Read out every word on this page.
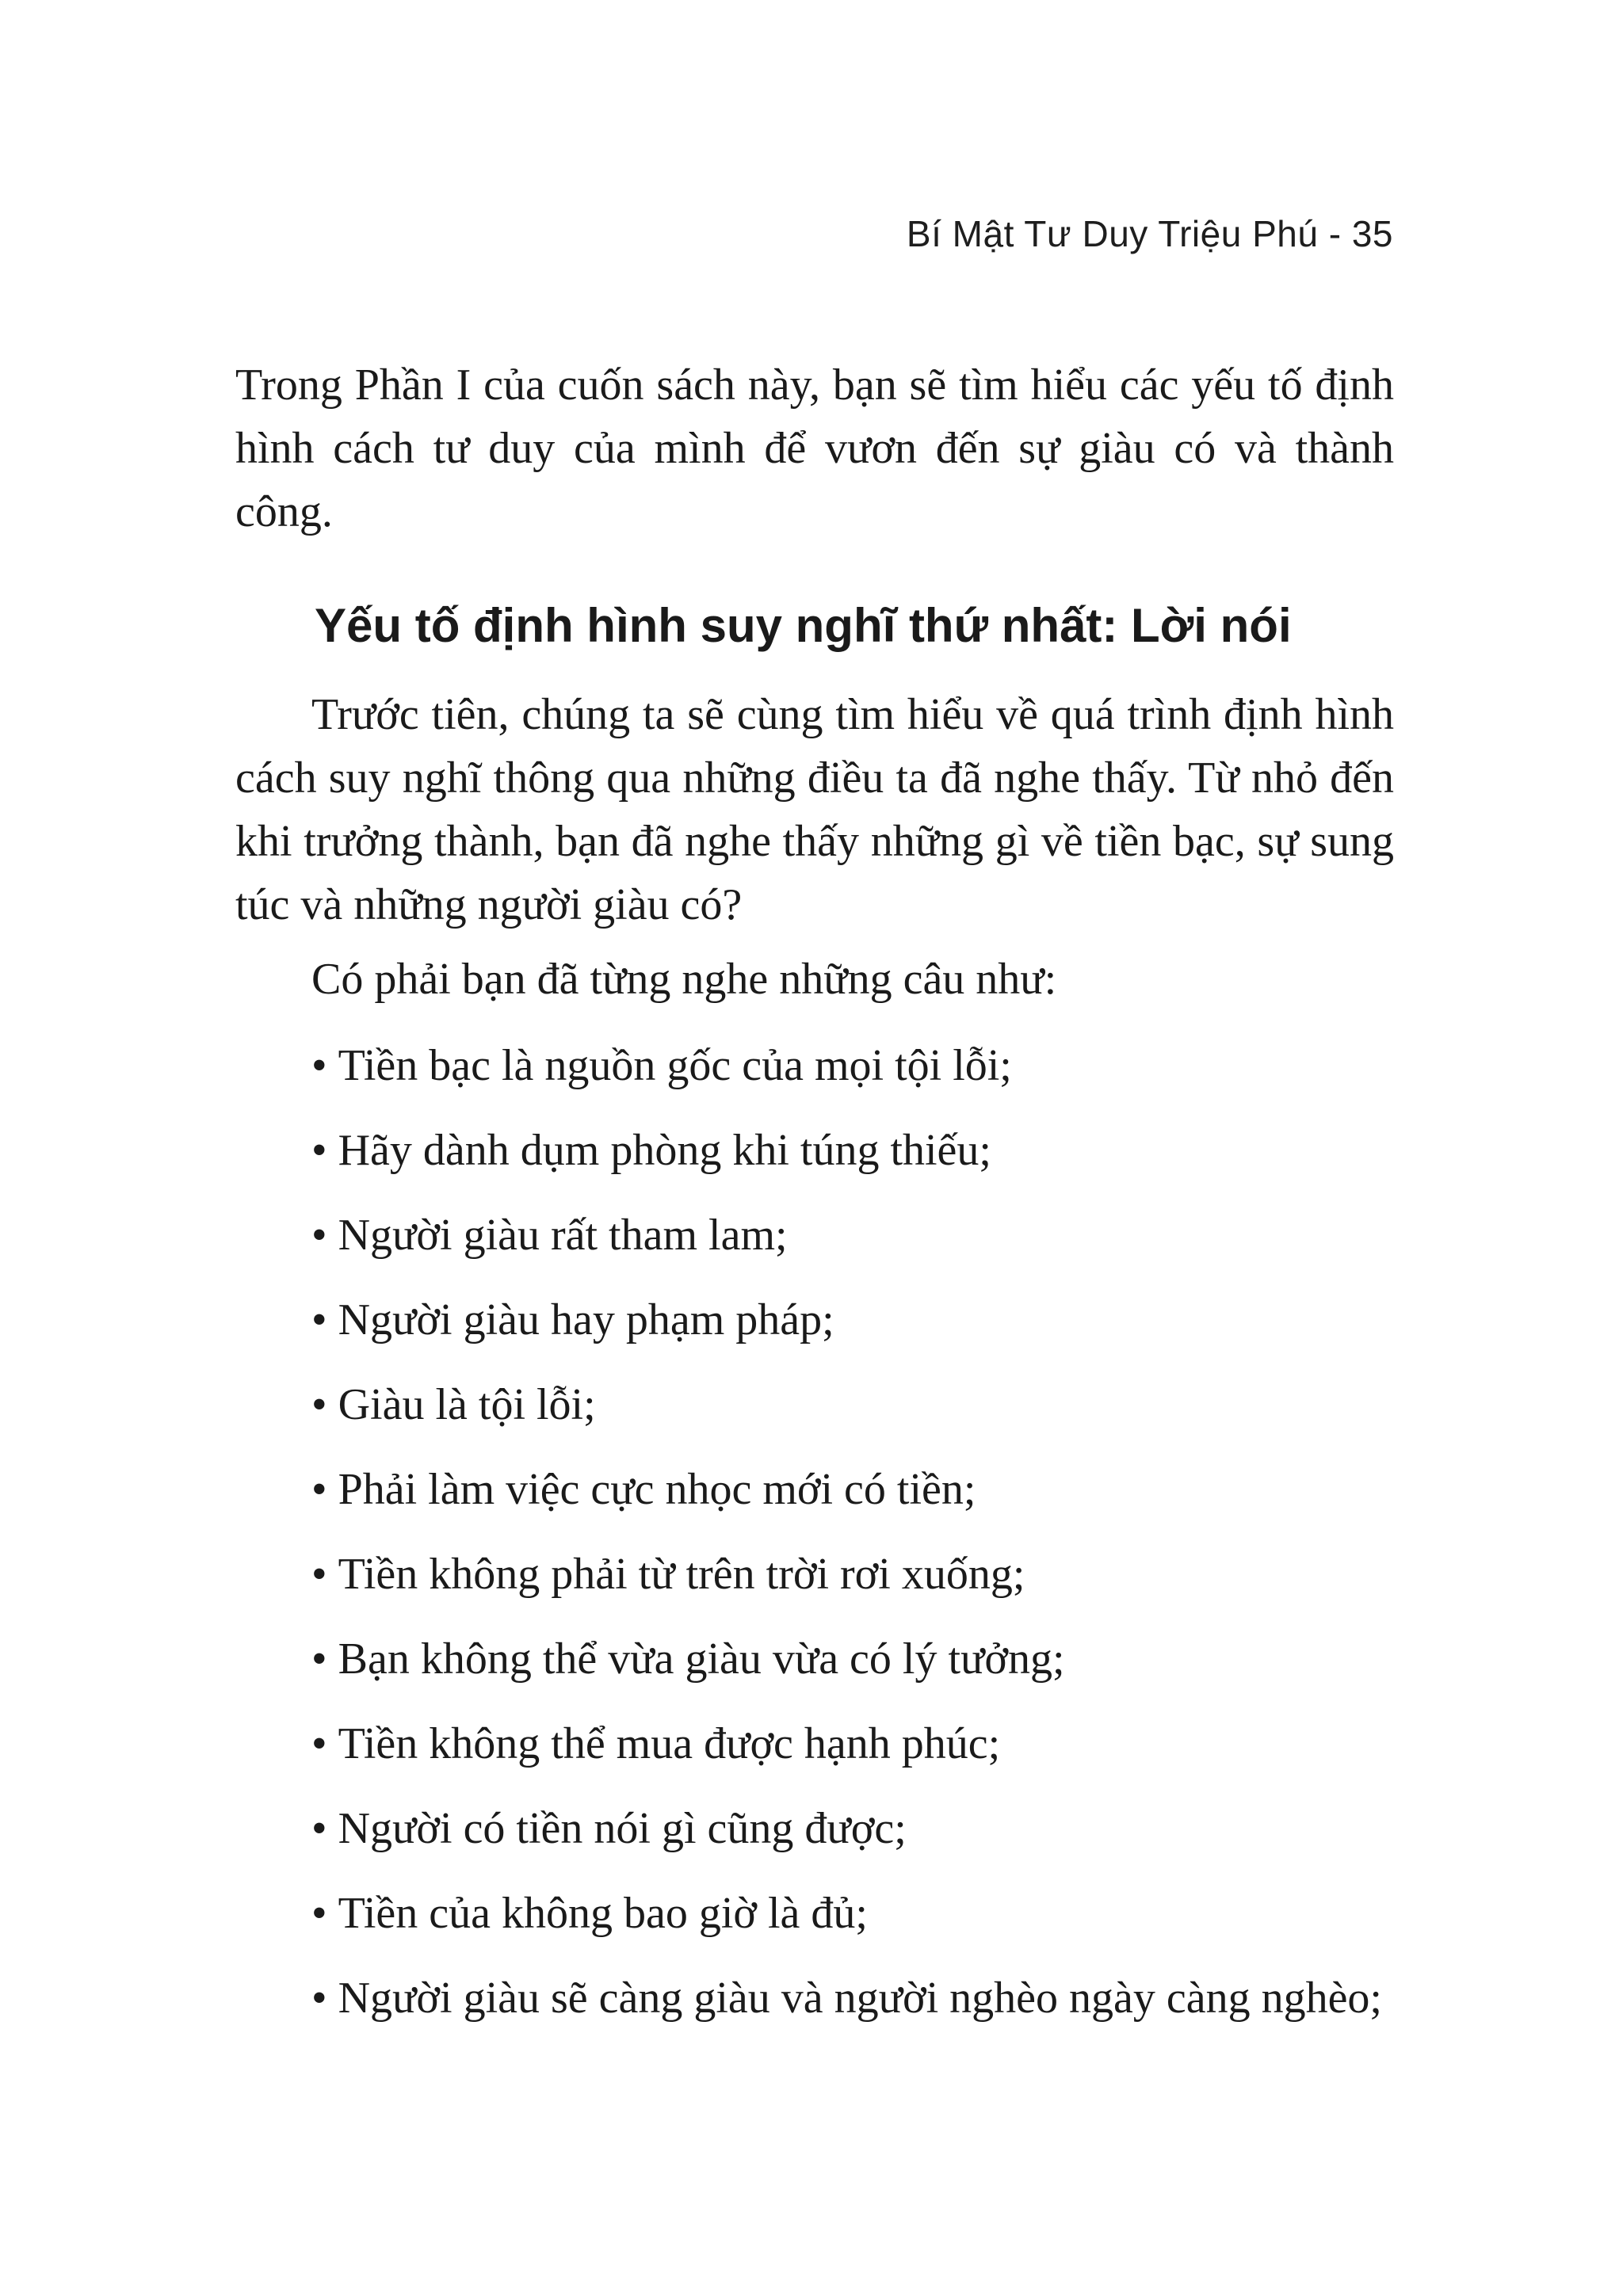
Bí Mật Tư Duy Triệu Phú - 35

Trong Phần I của cuốn sách này, bạn sẽ tìm hiểu các yếu tố định hình cách tư duy của mình để vươn đến sự giàu có và thành công.

Yếu tố định hình suy nghĩ thứ nhất: Lời nói

Trước tiên, chúng ta sẽ cùng tìm hiểu về quá trình định hình cách suy nghĩ thông qua những điều ta đã nghe thấy. Từ nhỏ đến khi trưởng thành, bạn đã nghe thấy những gì về tiền bạc, sự sung túc và những người giàu có?

Có phải bạn đã từng nghe những câu như:

• Tiền bạc là nguồn gốc của mọi tội lỗi;
• Hãy dành dụm phòng khi túng thiếu;
• Người giàu rất tham lam;
• Người giàu hay phạm pháp;
• Giàu là tội lỗi;
• Phải làm việc cực nhọc mới có tiền;
• Tiền không phải từ trên trời rơi xuống;
• Bạn không thể vừa giàu vừa có lý tưởng;
• Tiền không thể mua được hạnh phúc;
• Người có tiền nói gì cũng được;
• Tiền của không bao giờ là đủ;
• Người giàu sẽ càng giàu và người nghèo ngày càng nghèo;
